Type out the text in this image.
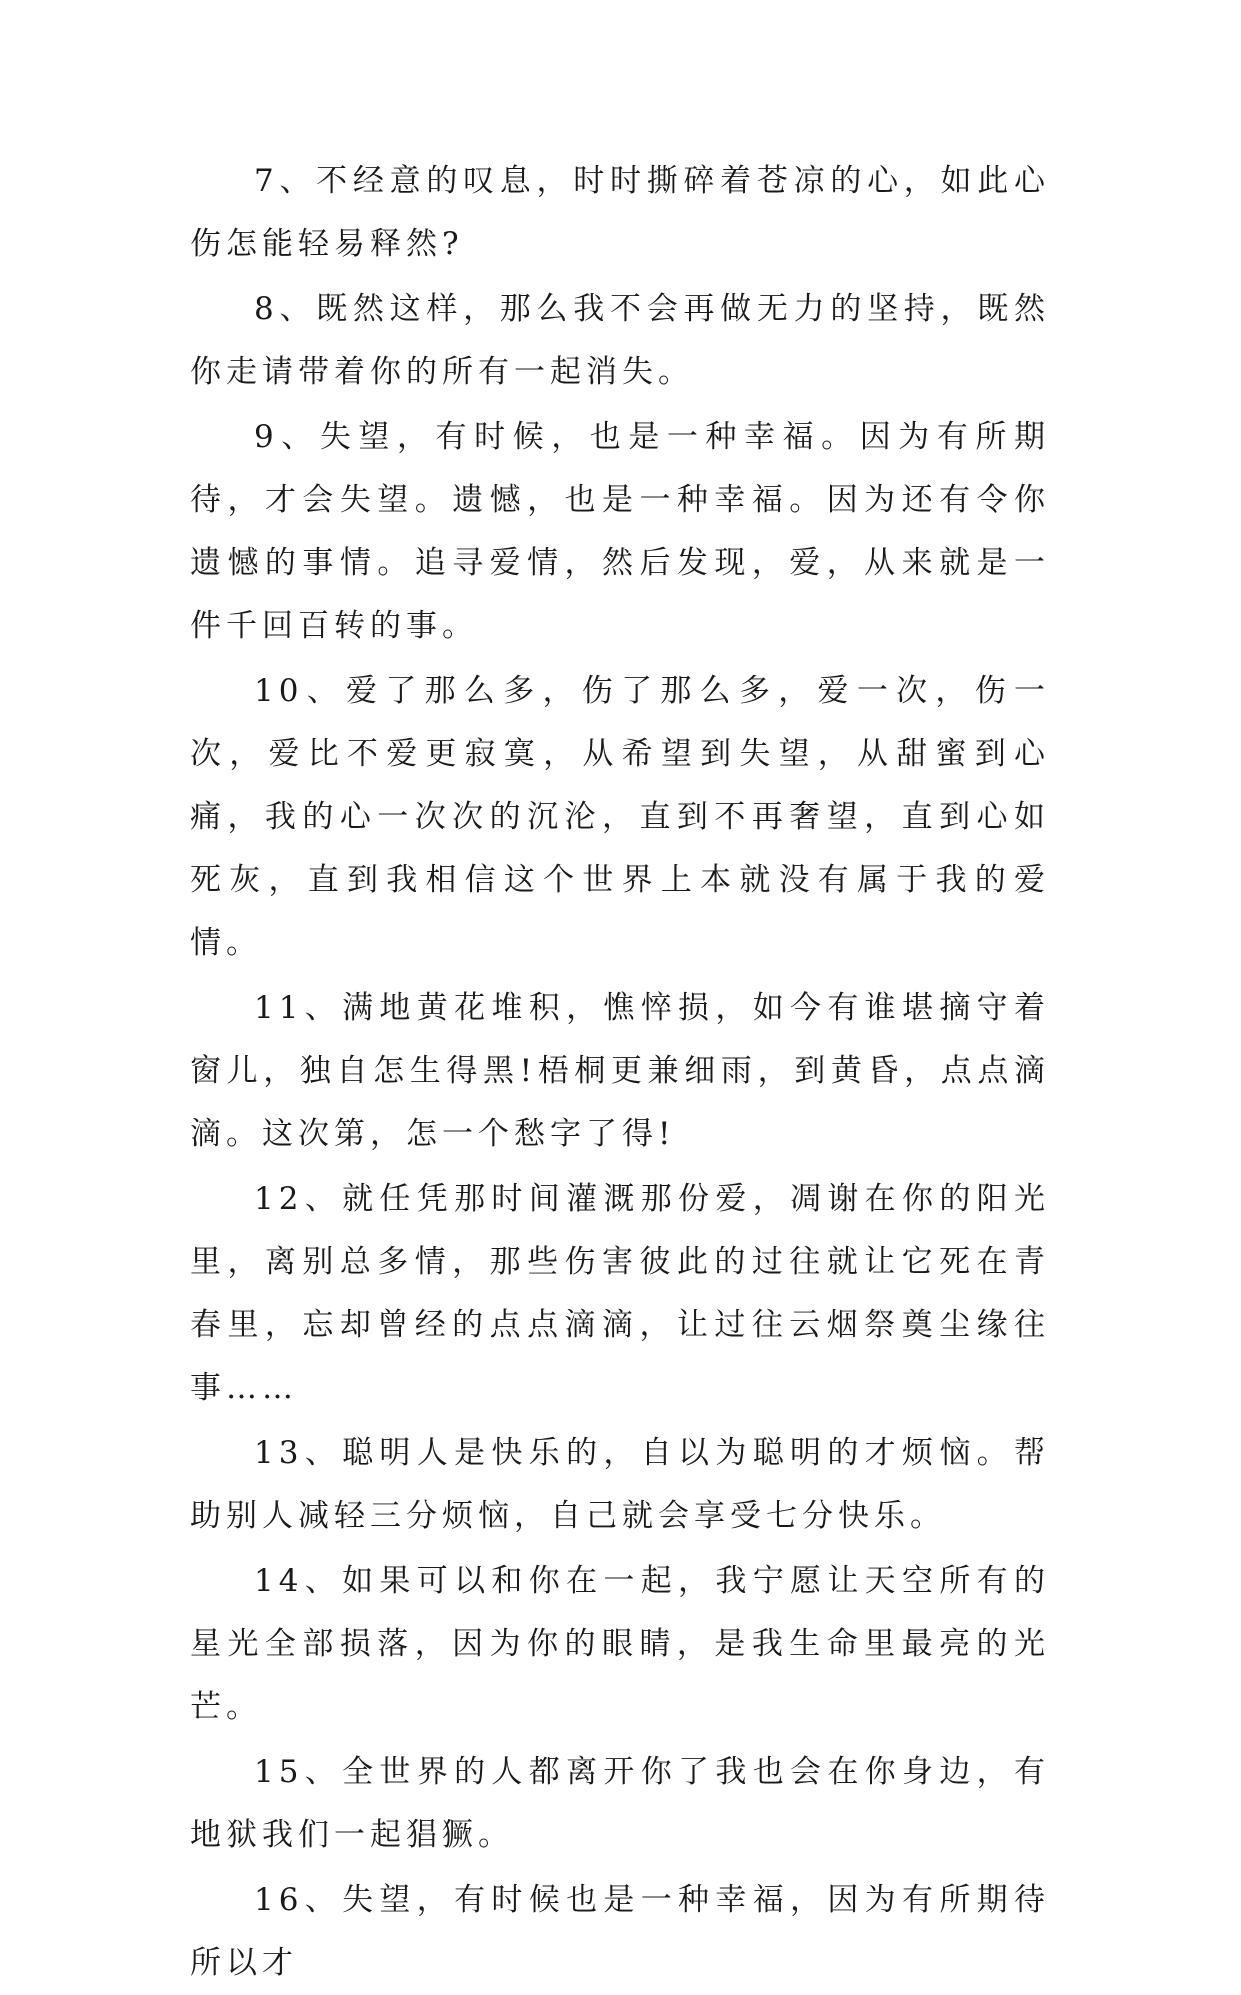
7、不经意的叹息，时时撕碎着苍凉的心，如此心伤怎能轻易释然?

8、既然这样，那么我不会再做无力的坚持，既然你走请带着你的所有一起消失。

9、失望，有时候，也是一种幸福。因为有所期待，才会失望。遗憾，也是一种幸福。因为还有令你遗憾的事情。追寻爱情，然后发现，爱，从来就是一件千回百转的事。

10、爱了那么多，伤了那么多，爱一次，伤一次，爱比不爱更寂寞，从希望到失望，从甜蜜到心痛，我的心一次次的沉沦，直到不再奢望，直到心如死灰，直到我相信这个世界上本就没有属于我的爱情。

11、满地黄花堆积，憔悴损，如今有谁堪摘守着窗儿，独自怎生得黑!梧桐更兼细雨，到黄昏，点点滴滴。这次第，怎一个愁字了得!

12、就任凭那时间灌溉那份爱，凋谢在你的阳光里，离别总多情，那些伤害彼此的过往就让它死在青春里，忘却曾经的点点滴滴，让过往云烟祭奠尘缘往事……

13、聪明人是快乐的，自以为聪明的才烦恼。帮助别人减轻三分烦恼，自己就会享受七分快乐。

14、如果可以和你在一起，我宁愿让天空所有的星光全部损落，因为你的眼睛，是我生命里最亮的光芒。

15、全世界的人都离开你了我也会在你身边，有地狱我们一起猖獗。

16、失望，有时候也是一种幸福，因为有所期待所以才
